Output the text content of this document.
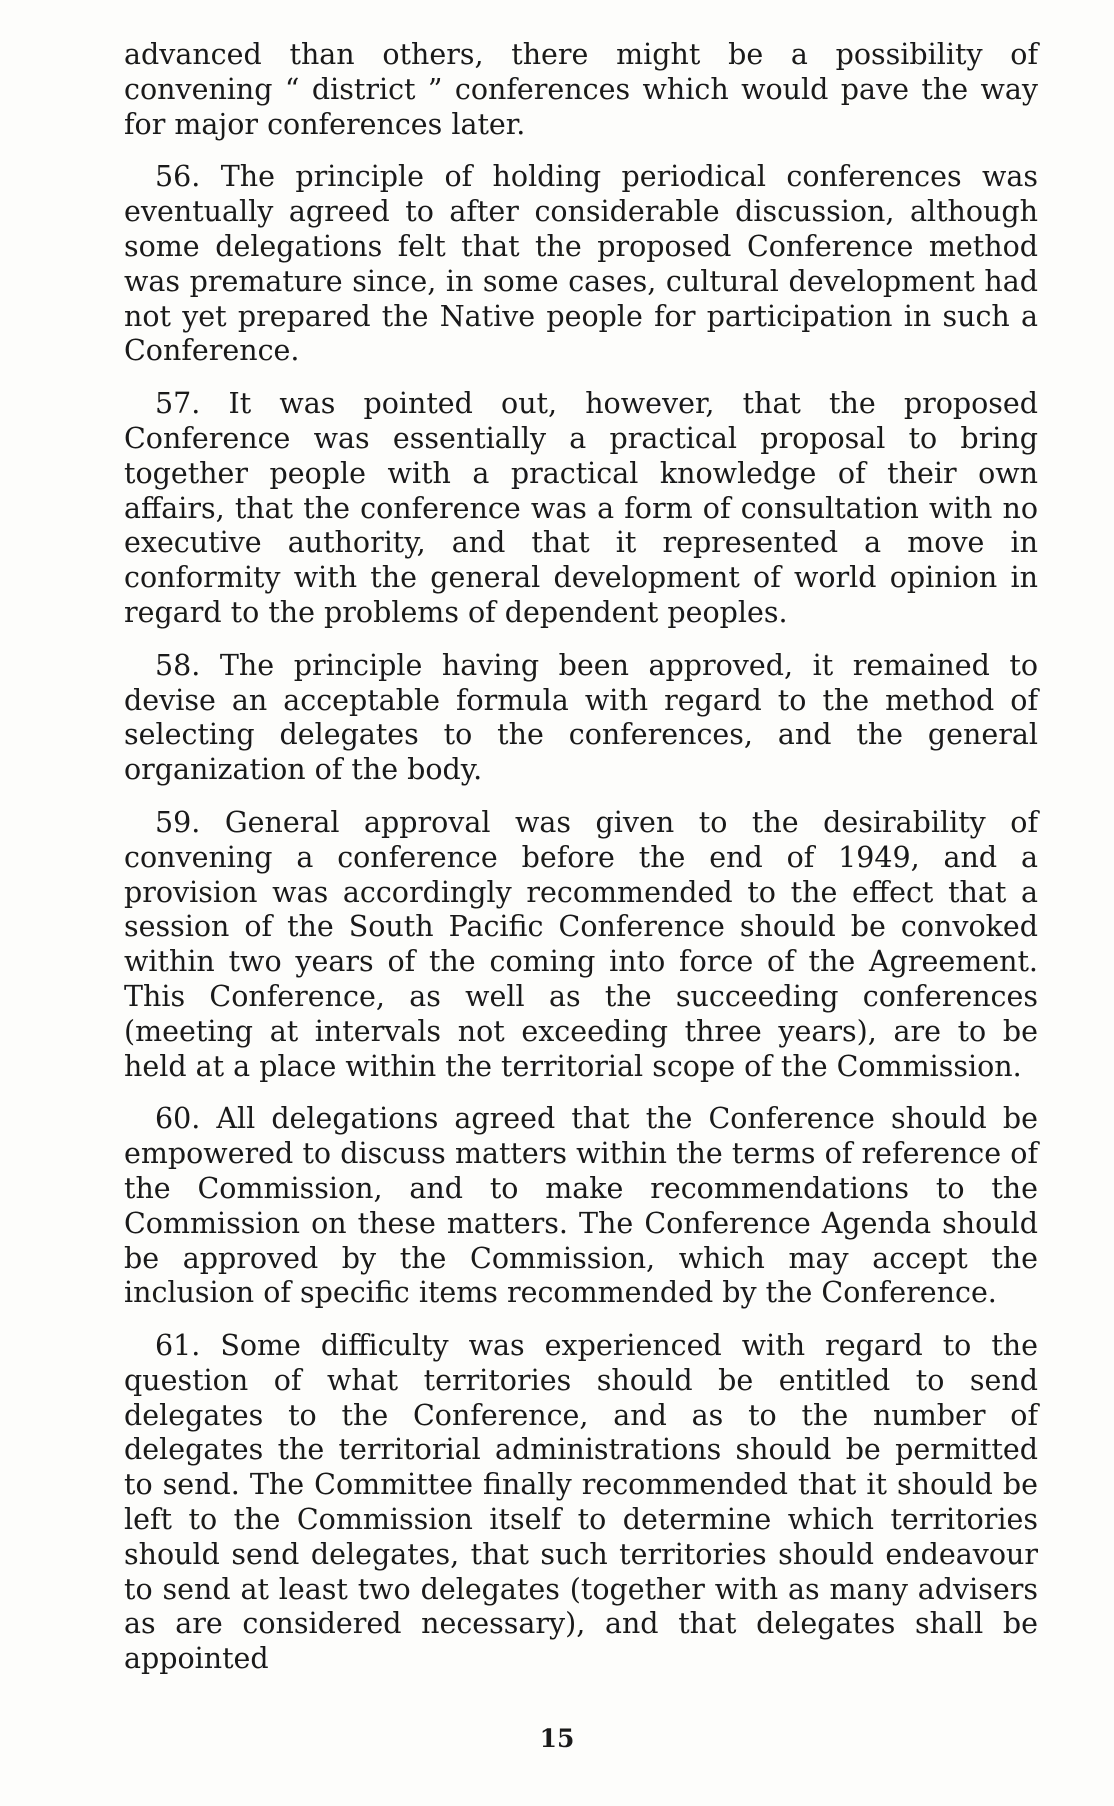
advanced than others, there might be a possibility of convening “ district ” conferences which would pave the way for major conferences later.

56. The principle of holding periodical conferences was eventually agreed to after considerable discussion, although some delegations felt that the proposed Conference method was premature since, in some cases, cultural development had not yet prepared the Native people for participation in such a Conference.

57. It was pointed out, however, that the proposed Conference was essentially a practical proposal to bring together people with a practical knowledge of their own affairs, that the conference was a form of consultation with no executive authority, and that it represented a move in conformity with the general development of world opinion in regard to the problems of dependent peoples.

58. The principle having been approved, it remained to devise an acceptable formula with regard to the method of selecting delegates to the conferences, and the general organization of the body.

59. General approval was given to the desirability of convening a conference before the end of 1949, and a provision was accordingly recommended to the effect that a session of the South Pacific Conference should be convoked within two years of the coming into force of the Agreement. This Conference, as well as the succeeding conferences (meeting at intervals not exceeding three years), are to be held at a place within the territorial scope of the Commission.

60. All delegations agreed that the Conference should be empowered to discuss matters within the terms of reference of the Commission, and to make recommendations to the Commission on these matters. The Conference Agenda should be approved by the Commission, which may accept the inclusion of specific items recommended by the Conference.

61. Some difficulty was experienced with regard to the question of what territories should be entitled to send delegates to the Conference, and as to the number of delegates the territorial administrations should be permitted to send. The Committee finally recommended that it should be left to the Commission itself to determine which territories should send delegates, that such territories should endeavour to send at least two delegates (together with as many advisers as are considered necessary), and that delegates shall be appointed

15
